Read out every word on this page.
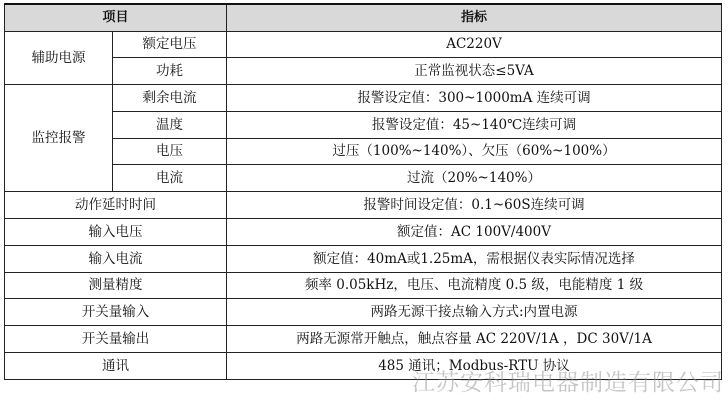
项目		指标
辅助电源	额定电压	AC220V
	功耗	正常监视状态≤5VA
监控报警	剩余电流	报警设定值：300~1000mA 连续可调
	温度	报警设定值：45~140℃连续可调
	电压	过压（100%~140%）、欠压（60%~100%）
	电流	过流（20%~140%）
动作延时时间		报警时间设定值：0.1~60S连续可调
输入电压		额定值：AC 100V/400V
输入电流		额定值：40mA或1.25mA，需根据仪表实际情况选择
测量精度		频率 0.05kHz，电压、电流精度 0.5 级，电能精度 1 级
开关量输入		两路无源干接点输入方式:内置电源
开关量输出		两路无源常开触点，触点容量 AC 220V/1A ，DC 30V/1A
通讯		485 通讯；Modbus-RTU 协议
江苏安科瑞电器制造有限公司
